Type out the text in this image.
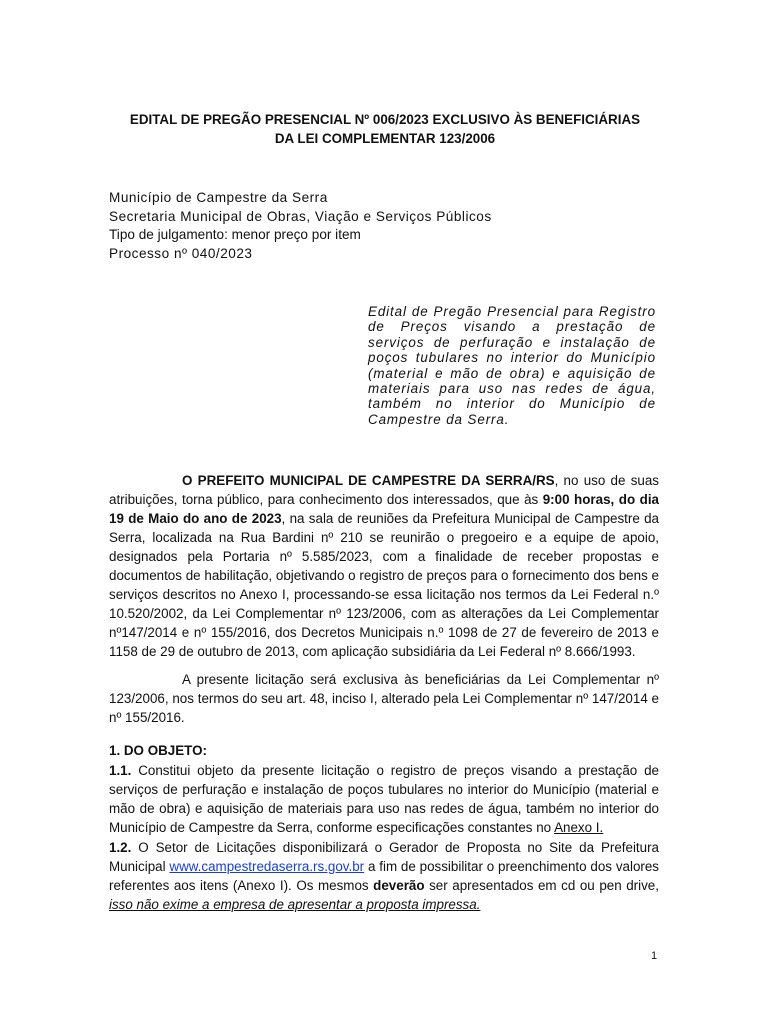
EDITAL DE PREGÃO PRESENCIAL Nº 006/2023 EXCLUSIVO ÀS BENEFICIÁRIAS
DA LEI COMPLEMENTAR 123/2006
Município de Campestre da Serra
Secretaria Municipal de Obras, Viação e Serviços Públicos
Tipo de julgamento: menor preço por item
Processo nº 040/2023
Edital de Pregão Presencial para Registro de Preços visando a prestação de serviços de perfuração e instalação de poços tubulares no interior do Município (material e mão de obra) e aquisição de materiais para uso nas redes de água, também no interior do Município de Campestre da Serra.
O PREFEITO MUNICIPAL DE CAMPESTRE DA SERRA/RS, no uso de suas atribuições, torna público, para conhecimento dos interessados, que às 9:00 horas, do dia 19 de Maio do ano de 2023, na sala de reuniões da Prefeitura Municipal de Campestre da Serra, localizada na Rua Bardini nº 210 se reunirão o pregoeiro e a equipe de apoio, designados pela Portaria nº 5.585/2023, com a finalidade de receber propostas e documentos de habilitação, objetivando o registro de preços para o fornecimento dos bens e serviços descritos no Anexo I, processando-se essa licitação nos termos da Lei Federal n.º 10.520/2002, da Lei Complementar nº 123/2006, com as alterações da Lei Complementar nº147/2014 e nº 155/2016, dos Decretos Municipais n.º 1098 de 27 de fevereiro de 2013 e 1158 de 29 de outubro de 2013, com aplicação subsidiária da Lei Federal nº 8.666/1993.
A presente licitação será exclusiva às beneficiárias da Lei Complementar nº 123/2006, nos termos do seu art. 48, inciso I, alterado pela Lei Complementar nº 147/2014 e nº 155/2016.
1. DO OBJETO:
1.1. Constitui objeto da presente licitação o registro de preços visando a prestação de serviços de perfuração e instalação de poços tubulares no interior do Município (material e mão de obra) e aquisição de materiais para uso nas redes de água, também no interior do Município de Campestre da Serra, conforme especificações constantes no Anexo I.
1.2. O Setor de Licitações disponibilizará o Gerador de Proposta no Site da Prefeitura Municipal www.campestredaserra.rs.gov.br a fim de possibilitar o preenchimento dos valores referentes aos itens (Anexo I). Os mesmos deverão ser apresentados em cd ou pen drive, isso não exime a empresa de apresentar a proposta impressa.
1
